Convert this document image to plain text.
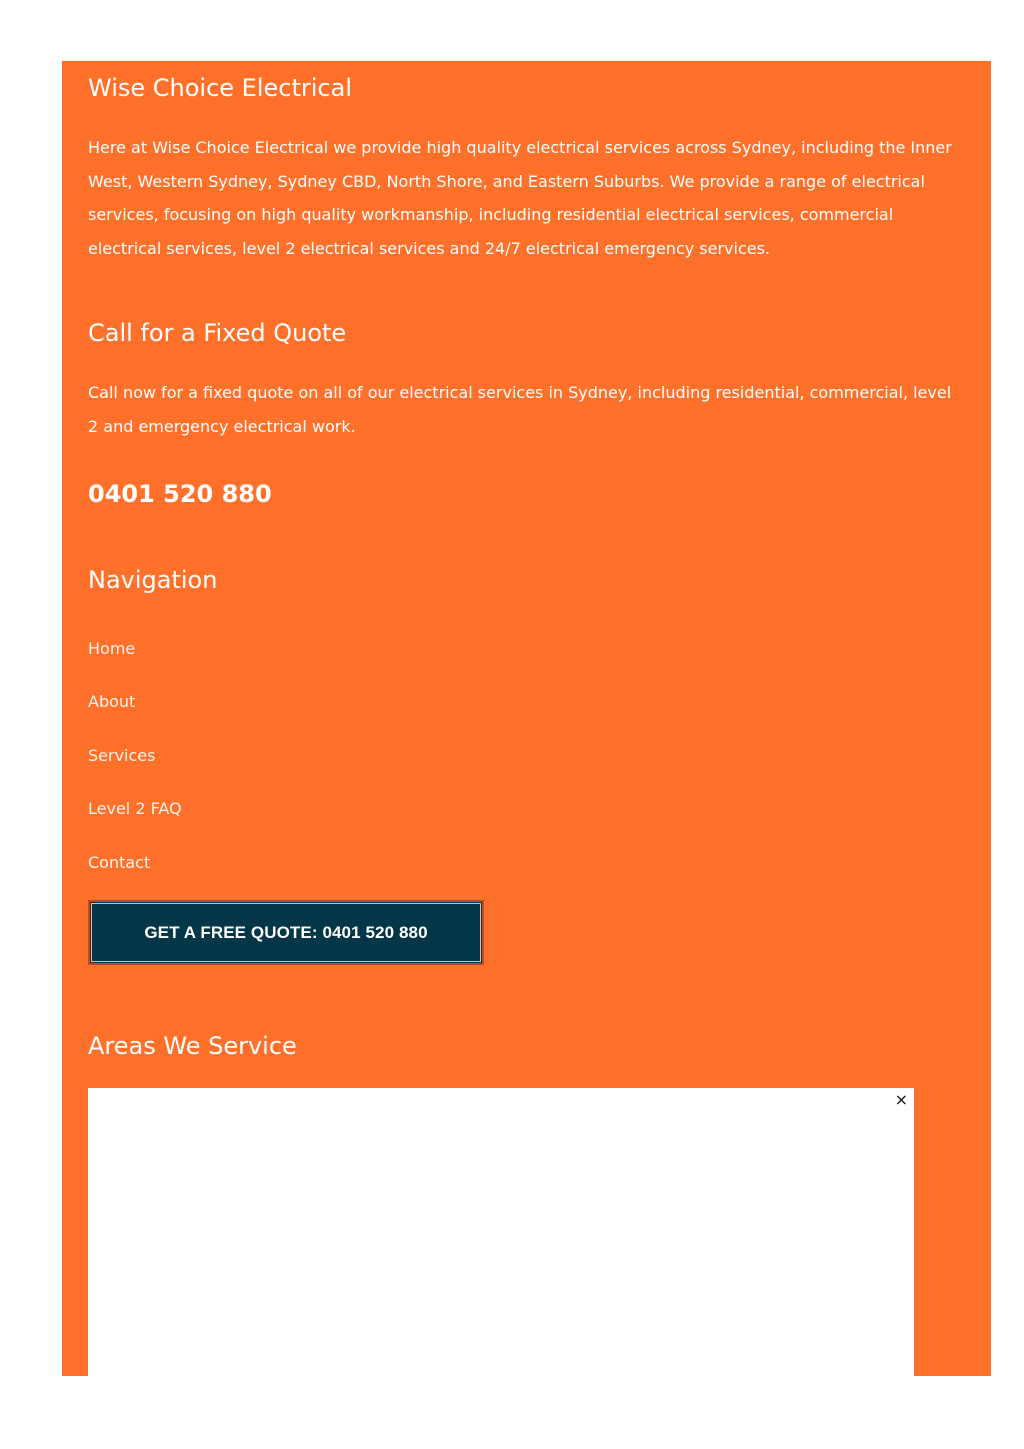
Wise Choice Electrical

Here at Wise Choice Electrical we provide high quality electrical services across Sydney, including the Inner West, Western Sydney, Sydney CBD, North Shore, and Eastern Suburbs. We provide a range of electrical services, focusing on high quality workmanship, including residential electrical services, commercial electrical services, level 2 electrical services and 24/7 electrical emergency services.

Call for a Fixed Quote

Call now for a fixed quote on all of our electrical services in Sydney, including residential, commercial, level 2 and emergency electrical work.

0401 520 880
Navigation
Home
About
Services
Level 2 FAQ
Contact
GET A FREE QUOTE: 0401 520 880
Areas We Service
×
